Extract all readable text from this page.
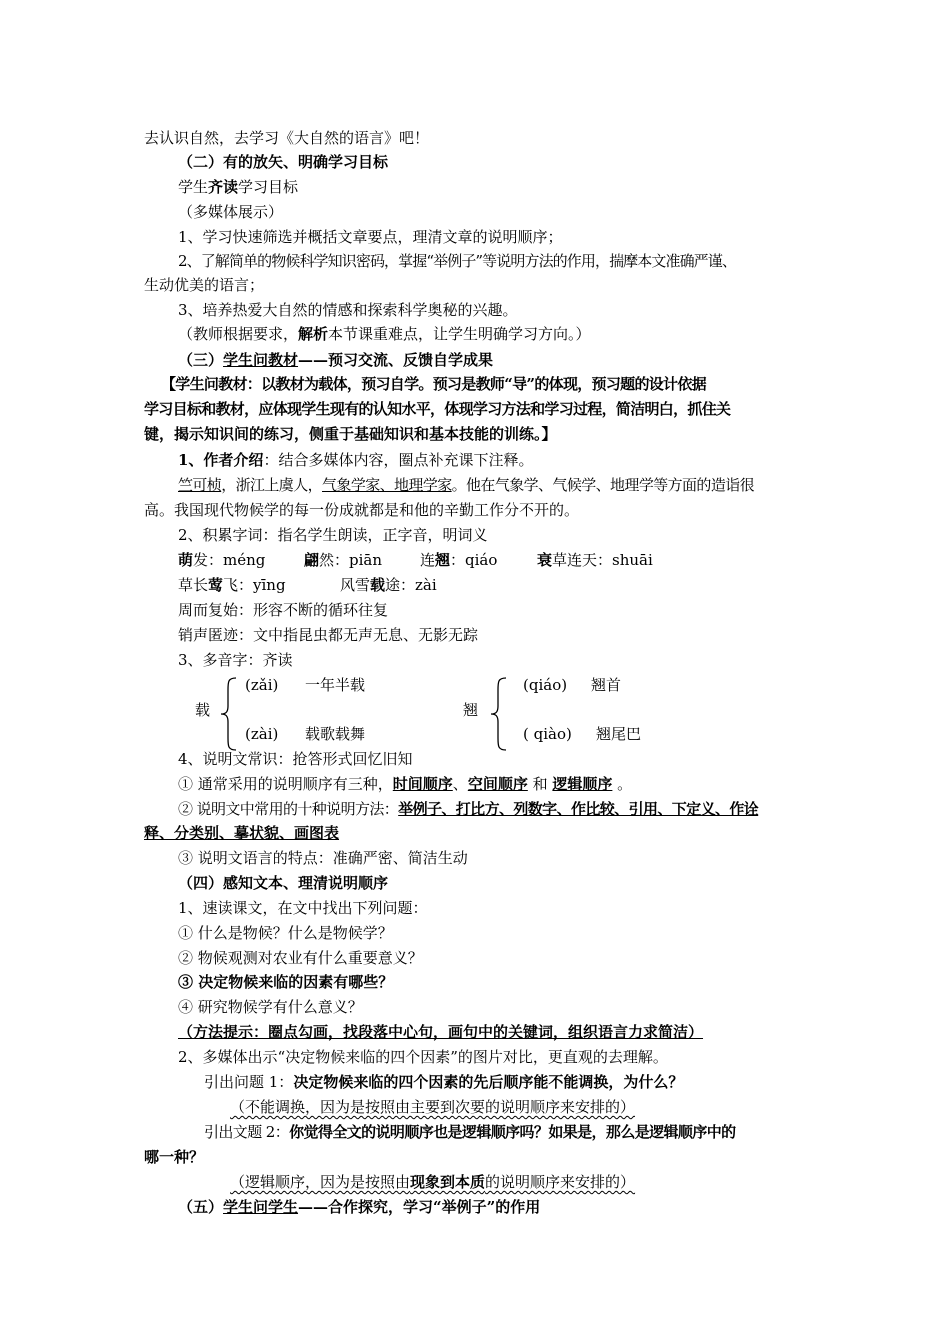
去认识自然，去学习《大自然的语言》吧！
（二）有的放矢、明确学习目标
学生齐读学习目标
（多媒体展示）
1、学习快速筛选并概括文章要点，理清文章的说明顺序；
2、了解简单的物候科学知识密码，掌握“举例子”等说明方法的作用，揣摩本文准确严谨、
生动优美的语言；
3、培养热爱大自然的情感和探索科学奥秘的兴趣。
（教师根据要求，解析本节课重难点，让学生明确学习方向。）
（三）学生问教材——预习交流、反馈自学成果
【学生问教材：以教材为载体，预习自学。预习是教师“导”的体现，预习题的设计依据
学习目标和教材，应体现学生现有的认知水平，体现学习方法和学习过程，简洁明白，抓住关
键，揭示知识间的练习，侧重于基础知识和基本技能的训练。】
1、作者介绍：结合多媒体内容，圈点补充课下注释。
竺可桢，浙江上虞人，气象学家、地理学家。他在气象学、气候学、地理学等方面的造诣很
高。我国现代物候学的每一份成就都是和他的辛勤工作分不开的。
2、积累字词：指名学生朗读，正字音，明词义
萌发：méng	翩然：piān	连翘：qiáo	衰草连天：shuāi
草长莺飞：yīng	风雪载途：zài
周而复始：形容不断的循环往复
销声匿迹：文中指昆虫都无声无息、无影无踪
3、多音字：齐读
载
(zǎi) 一年半载
(zài) 载歌载舞
翘
(qiáo) 翘首
( qiào) 翘尾巴
4、说明文常识：抢答形式回忆旧知
① 通常采用的说明顺序有三种，时间顺序、空间顺序 和 逻辑顺序 。
② 说明文中常用的十种说明方法：举例子、打比方、列数字、作比较、引用、下定义、作诠
释、分类别、摹状貌、画图表
③ 说明文语言的特点：准确严密、简洁生动
（四）感知文本、理清说明顺序
1、速读课文，在文中找出下列问题：
① 什么是物候？什么是物候学？
② 物候观测对农业有什么重要意义？
③ 决定物候来临的因素有哪些？
④ 研究物候学有什么意义？
（方法提示：圈点勾画，找段落中心句，画句中的关键词，组织语言力求简洁）
2、多媒体出示“决定物候来临的四个因素”的图片对比，更直观的去理解。
引出问题 1：决定物候来临的四个因素的先后顺序能不能调换，为什么？
（不能调换，因为是按照由主要到次要的说明顺序来安排的）
引出文题 2：你觉得全文的说明顺序也是逻辑顺序吗？如果是，那么是逻辑顺序中的
哪一种？
（逻辑顺序，因为是按照由现象到本质的说明顺序来安排的）
（五）学生问学生——合作探究，学习“举例子”的作用
